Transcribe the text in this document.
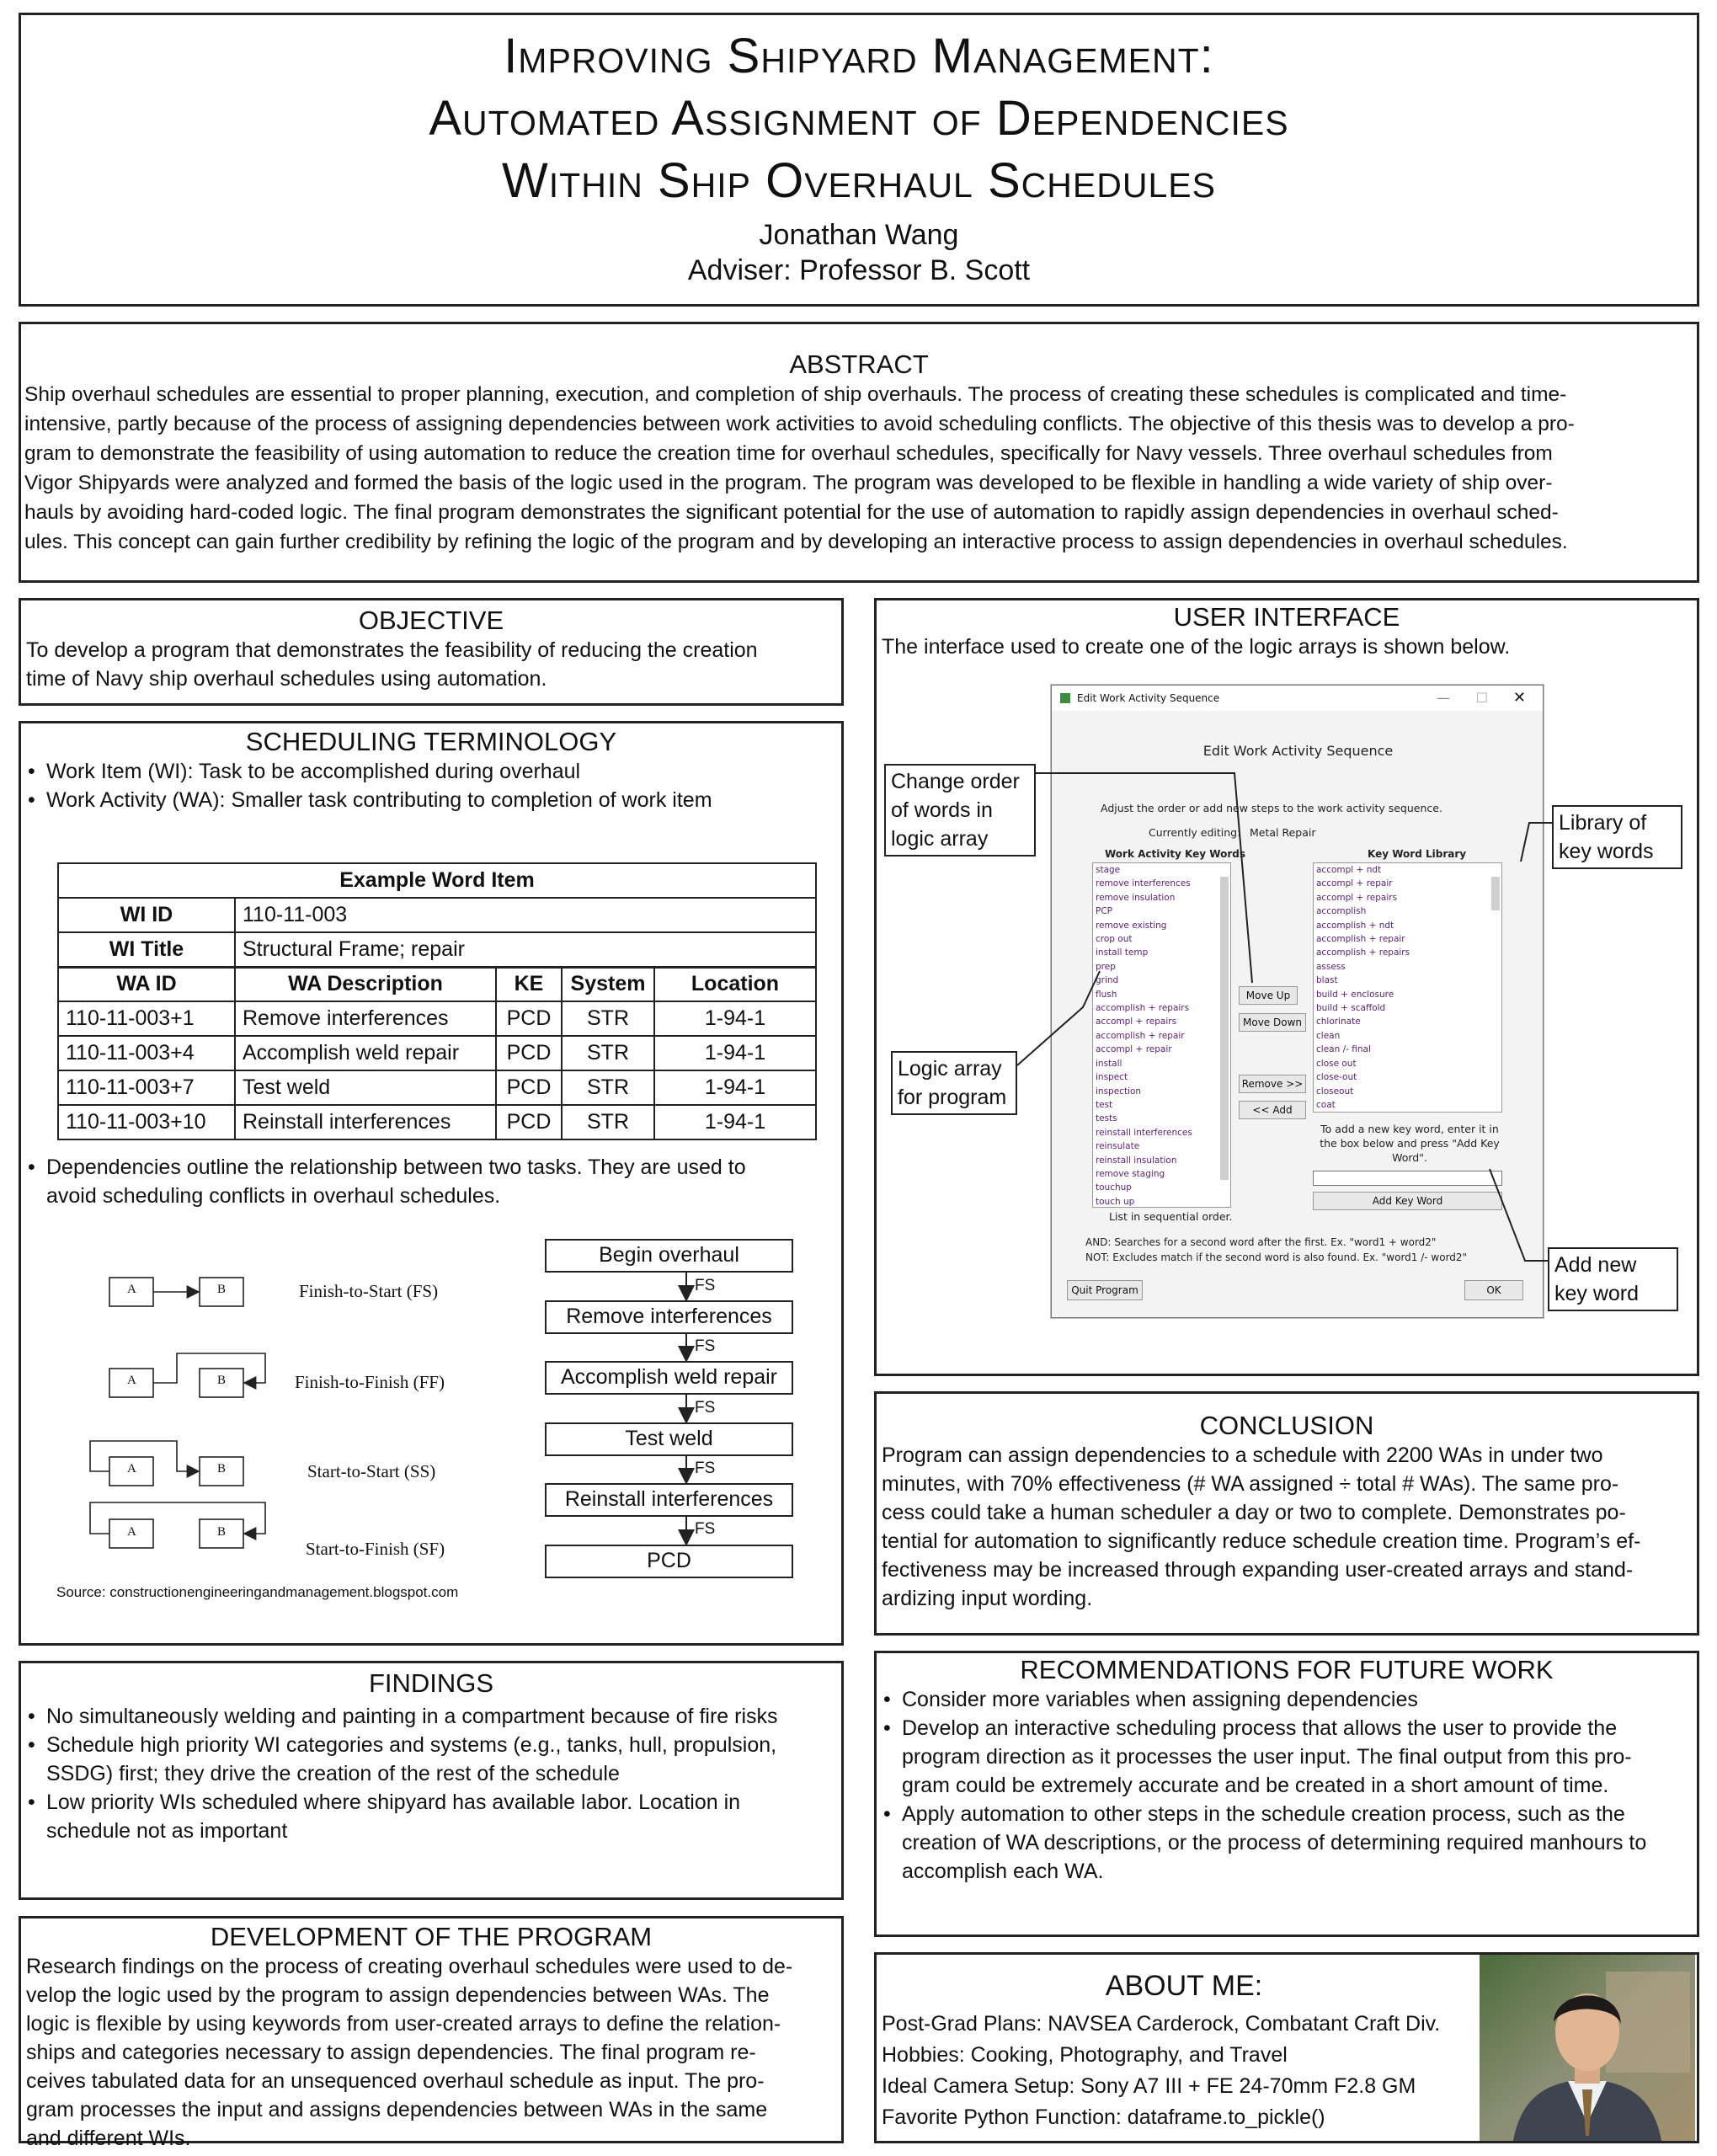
Improving Shipyard Management:
Automated Assignment of Dependencies
Within Ship Overhaul Schedules
Jonathan Wang
Adviser: Professor B. Scott
ABSTRACT
Ship overhaul schedules are essential to proper planning, execution, and completion of ship overhauls. The process of creating these schedules is complicated and time-
intensive, partly because of the process of assigning dependencies between work activities to avoid scheduling conflicts. The objective of this thesis was to develop a pro-
gram to demonstrate the feasibility of using automation to reduce the creation time for overhaul schedules, specifically for Navy vessels. Three overhaul schedules from
Vigor Shipyards were analyzed and formed the basis of the logic used in the program. The program was developed to be flexible in handling a wide variety of ship over-
hauls by avoiding hard-coded logic. The final program demonstrates the significant potential for the use of automation to rapidly assign dependencies in overhaul sched-
ules. This concept can gain further credibility by refining the logic of the program and by developing an interactive process to assign dependencies in overhaul schedules.
OBJECTIVE
To develop a program that demonstrates the feasibility of reducing the creation
time of Navy ship overhaul schedules using automation.
SCHEDULING TERMINOLOGY
• Work Item (WI): Task to be accomplished during overhaul
• Work Activity (WA): Smaller task contributing to completion of work item
Example Word Item				
WI ID	110-11-003			
WI Title	Structural Frame; repair			
WA ID	WA Description	KE	System	Location
110-11-003+1	Remove interferences	PCD	STR	1-94-1
110-11-003+4	Accomplish weld repair	PCD	STR	1-94-1
110-11-003+7	Test weld	PCD	STR	1-94-1
110-11-003+10	Reinstall interferences	PCD	STR	1-94-1
• Dependencies outline the relationship between two tasks. They are used to
avoid scheduling conflicts in overhaul schedules.
A	B
A	B
A	B
A	B
Finish-to-Start (FS)
Finish-to-Finish (FF)
Start-to-Start (SS)
Start-to-Finish (SF)
Source: constructionengineeringandmanagement.blogspot.com
Begin overhaul
Remove interferences
Accomplish weld repair
Test weld
Reinstall interferences
PCD
FS
FS
FS
FS
FS
FINDINGS
• No simultaneously welding and painting in a compartment because of fire risks
• Schedule high priority WI categories and systems (e.g., tanks, hull, propulsion,
SSDG) first; they drive the creation of the rest of the schedule
• Low priority WIs scheduled where shipyard has available labor. Location in
schedule not as important
DEVELOPMENT OF THE PROGRAM
Research findings on the process of creating overhaul schedules were used to de-
velop the logic used by the program to assign dependencies between WAs. The
logic is flexible by using keywords from user-created arrays to define the relation-
ships and categories necessary to assign dependencies. The final program re-
ceives tabulated data for an unsequenced overhaul schedule as input. The pro-
gram processes the input and assigns dependencies between WAs in the same
and different WIs.
USER INTERFACE
The interface used to create one of the logic arrays is shown below.
Edit Work Activity Sequence	— ☐ ✕
Edit Work Activity Sequence
Adjust the order or add new steps to the work activity sequence.
Currently editing: Metal Repair
Work Activity Key Words	Key Word Library
stage
remove interferences
remove insulation
PCP
remove existing
crop out
install temp
prep
grind
flush
accomplish + repairs
accompl + repairs
accomplish + repair
accompl + repair
install
inspect
inspection
test
tests
reinstall interferences
reinsulate
reinstall insulation
remove staging
touchup
touch up
Move Up
Move Down
Remove >>
<< Add
accompl + ndt
accompl + repair
accompl + repairs
accomplish
accomplish + ndt
accomplish + repair
accomplish + repairs
assess
blast
build + enclosure
build + scaffold
chlorinate
clean
clean /- final
close out
close-out
closeout
coat
To add a new key word, enter it in
the box below and press "Add Key
Word".
Add Key Word
List in sequential order.
AND: Searches for a second word after the first. Ex. "word1 + word2"
NOT: Excludes match if the second word is also found. Ex. "word1 /- word2"
Quit Program	OK
Change order
of words in
logic array
Library of
key words
Logic array
for program
Add new
key word
CONCLUSION
Program can assign dependencies to a schedule with 2200 WAs in under two
minutes, with 70% effectiveness (# WA assigned ÷ total # WAs). The same pro-
cess could take a human scheduler a day or two to complete. Demonstrates po-
tential for automation to significantly reduce schedule creation time. Program’s ef-
fectiveness may be increased through expanding user-created arrays and stand-
ardizing input wording.
RECOMMENDATIONS FOR FUTURE WORK
• Consider more variables when assigning dependencies
• Develop an interactive scheduling process that allows the user to provide the
program direction as it processes the user input. The final output from this pro-
gram could be extremely accurate and be created in a short amount of time.
• Apply automation to other steps in the schedule creation process, such as the
creation of WA descriptions, or the process of determining required manhours to
accomplish each WA.
ABOUT ME:
Post-Grad Plans: NAVSEA Carderock, Combatant Craft Div.
Hobbies: Cooking, Photography, and Travel
Ideal Camera Setup: Sony A7 III + FE 24-70mm F2.8 GM
Favorite Python Function: dataframe.to_pickle()
